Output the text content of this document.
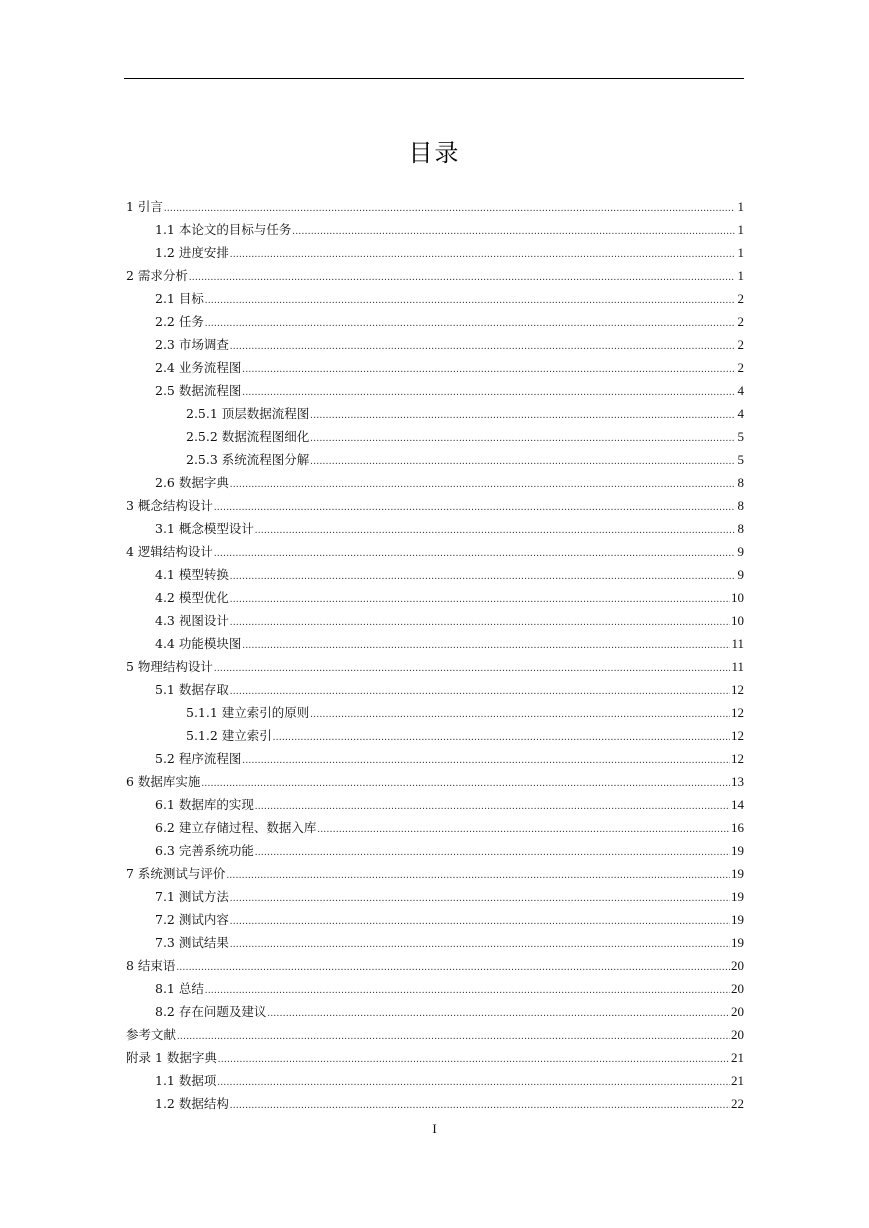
目录
1 引言 .....	1
1.1 本论文的目标与任务 .....	1
1.2 进度安排 .....	1
2 需求分析 .....	1
2.1 目标 .....	2
2.2 任务 .....	2
2.3 市场调查 .....	2
2.4 业务流程图 .....	2
2.5 数据流程图 .....	4
2.5.1 顶层数据流程图 .....	4
2.5.2 数据流程图细化 .....	5
2.5.3 系统流程图分解 .....	5
2.6 数据字典 .....	8
3 概念结构设计 .....	8
3.1 概念模型设计 .....	8
4 逻辑结构设计 .....	9
4.1 模型转换 .....	9
4.2 模型优化 .....	10
4.3 视图设计 .....	10
4.4 功能模块图 .....	11
5 物理结构设计 .....	11
5.1 数据存取 .....	12
5.1.1 建立索引的原则 .....	12
5.1.2 建立索引 .....	12
5.2 程序流程图 .....	12
6 数据库实施 .....	13
6.1 数据库的实现 .....	14
6.2 建立存储过程、数据入库 .....	16
6.3 完善系统功能 .....	19
7 系统测试与评价 .....	19
7.1 测试方法 .....	19
7.2 测试内容 .....	19
7.3 测试结果 .....	19
8 结束语 .....	20
8.1 总结 .....	20
8.2 存在问题及建议 .....	20
参考文献 .....	20
附录 1 数据字典 .....	21
1.1 数据项 .....	21
1.2 数据结构 .....	22
I
